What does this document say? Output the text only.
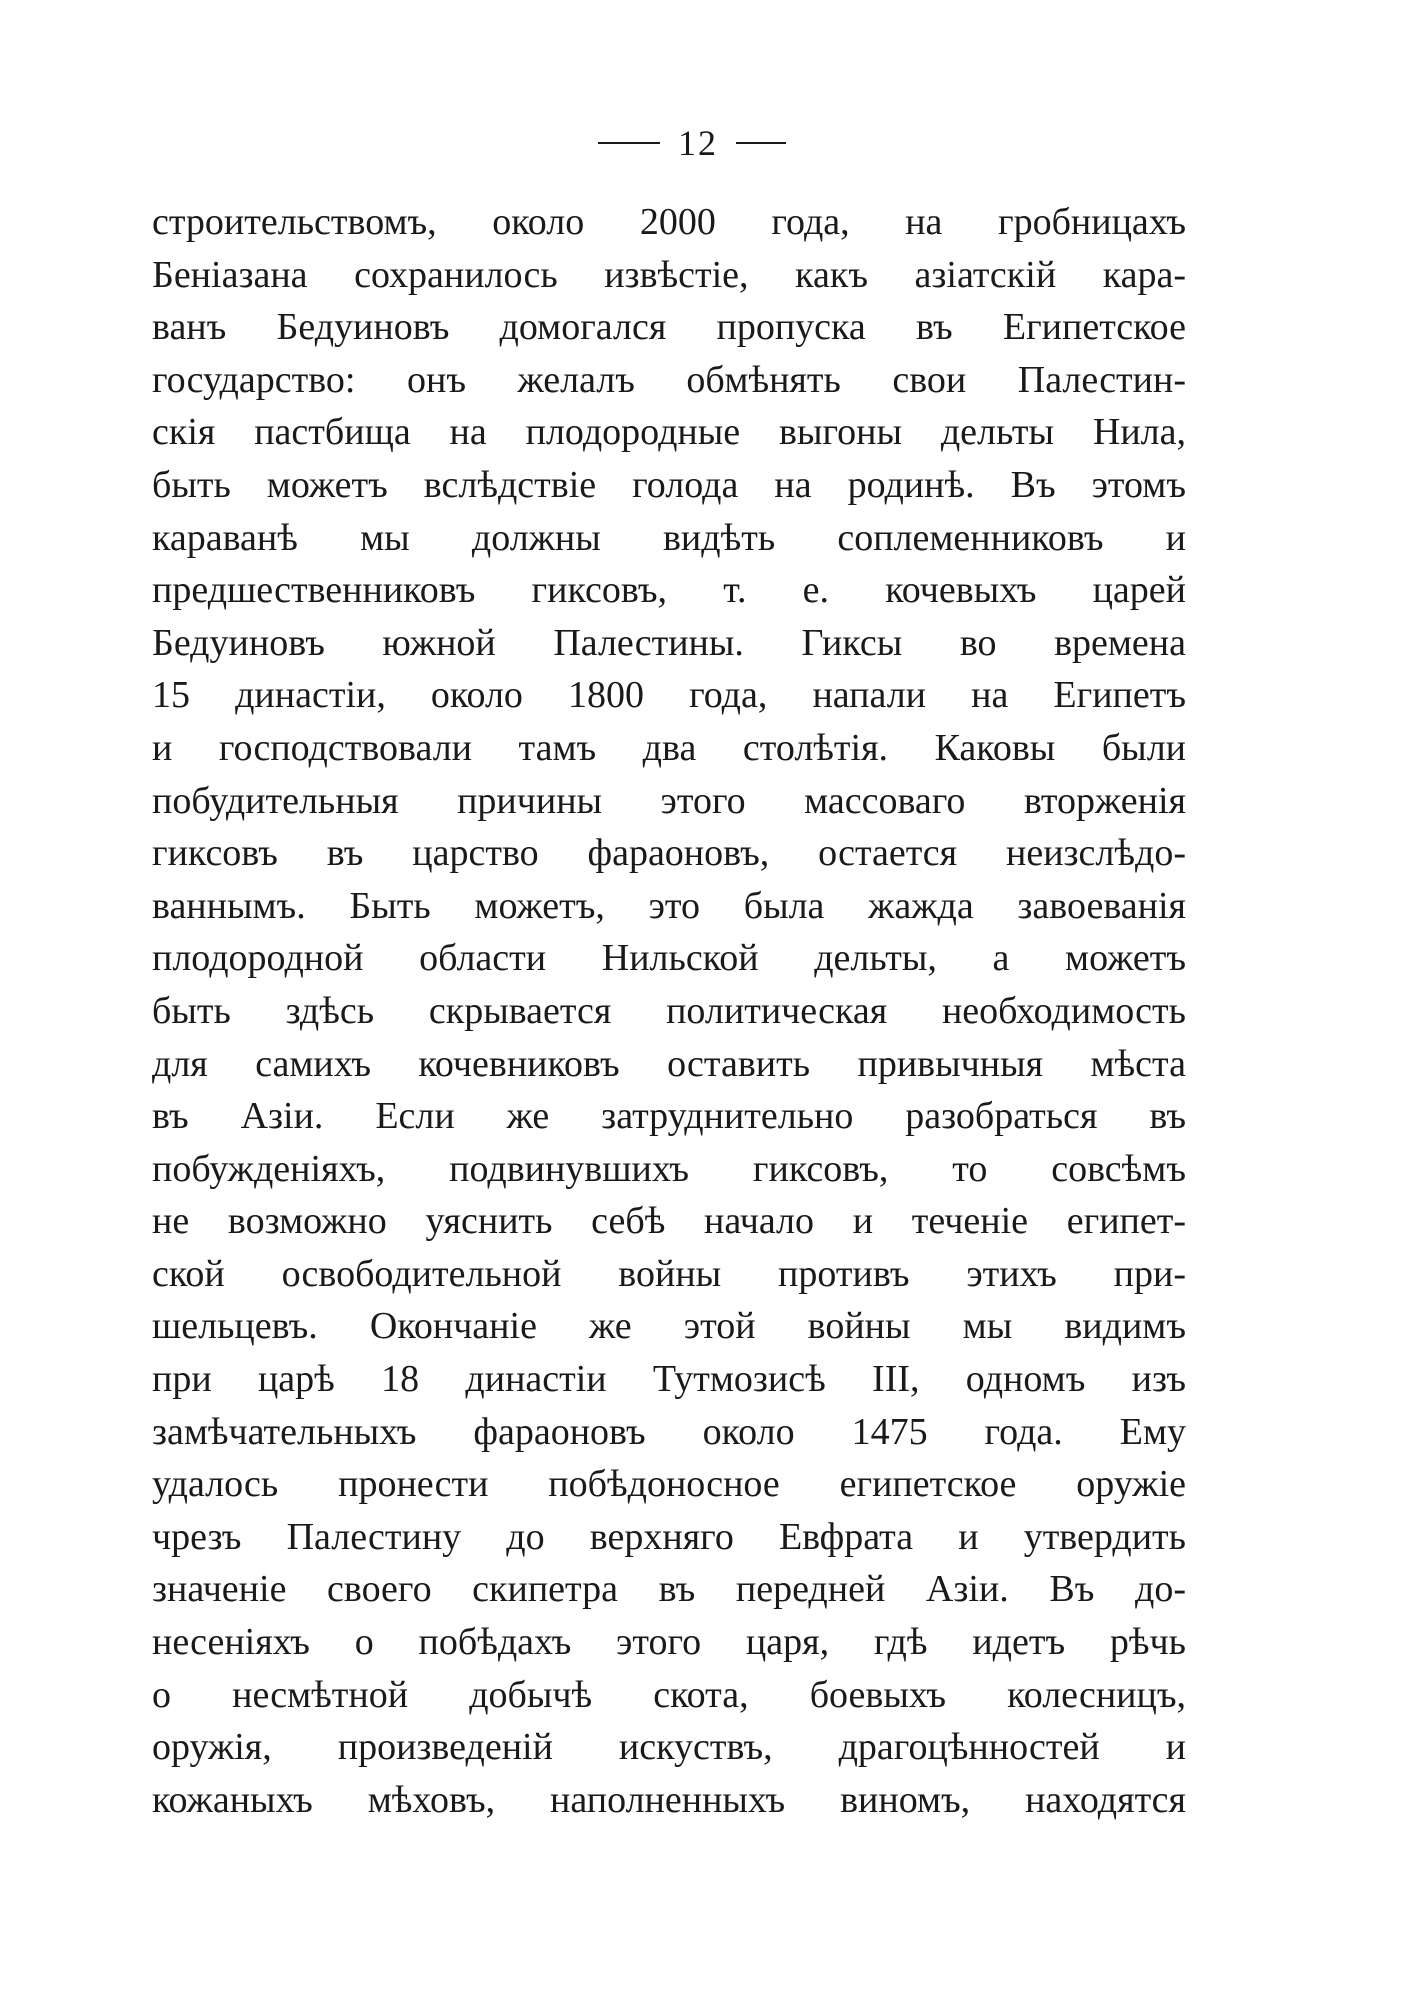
12
строительствомъ, около 2000 года, на гробницахъ
Беніазана сохранилось извѣстіе, какъ азіатскій кара-
ванъ Бедуиновъ домогался пропуска въ Египетское
государство: онъ желалъ обмѣнять свои Палестин-
скія пастбища на плодородные выгоны дельты Нила,
быть можетъ вслѣдствіе голода на родинѣ. Въ этомъ
караванѣ мы должны видѣть соплеменниковъ и
предшественниковъ гиксовъ, т. е. кочевыхъ царей
Бедуиновъ южной Палестины. Гиксы во времена
15 династіи, около 1800 года, напали на Египетъ
и господствовали тамъ два столѣтія. Каковы были
побудительныя причины этого массоваго вторженія
гиксовъ въ царство фараоновъ, остается неизслѣдо-
ваннымъ. Быть можетъ, это была жажда завоеванія
плодородной области Нильской дельты, а можетъ
быть здѣсь скрывается политическая необходимость
для самихъ кочевниковъ оставить привычныя мѣста
въ Азіи. Если же затруднительно разобраться въ
побужденіяхъ, подвинувшихъ гиксовъ, то совсѣмъ
не возможно уяснить себѣ начало и теченіе египет-
ской освободительной войны противъ этихъ при-
шельцевъ. Окончаніе же этой войны мы видимъ
при царѣ 18 династіи Тутмозисѣ III, одномъ изъ
замѣчательныхъ фараоновъ около 1475 года. Ему
удалось пронести побѣдоносное египетское оружіе
чрезъ Палестину до верхняго Евфрата и утвердить
значеніе своего скипетра въ передней Азіи. Въ до-
несеніяхъ о побѣдахъ этого царя, гдѣ идетъ рѣчь
о несмѣтной добычѣ скота, боевыхъ колесницъ,
оружія, произведеній искуствъ, драгоцѣнностей и
кожаныхъ мѣховъ, наполненныхъ виномъ, находятся
